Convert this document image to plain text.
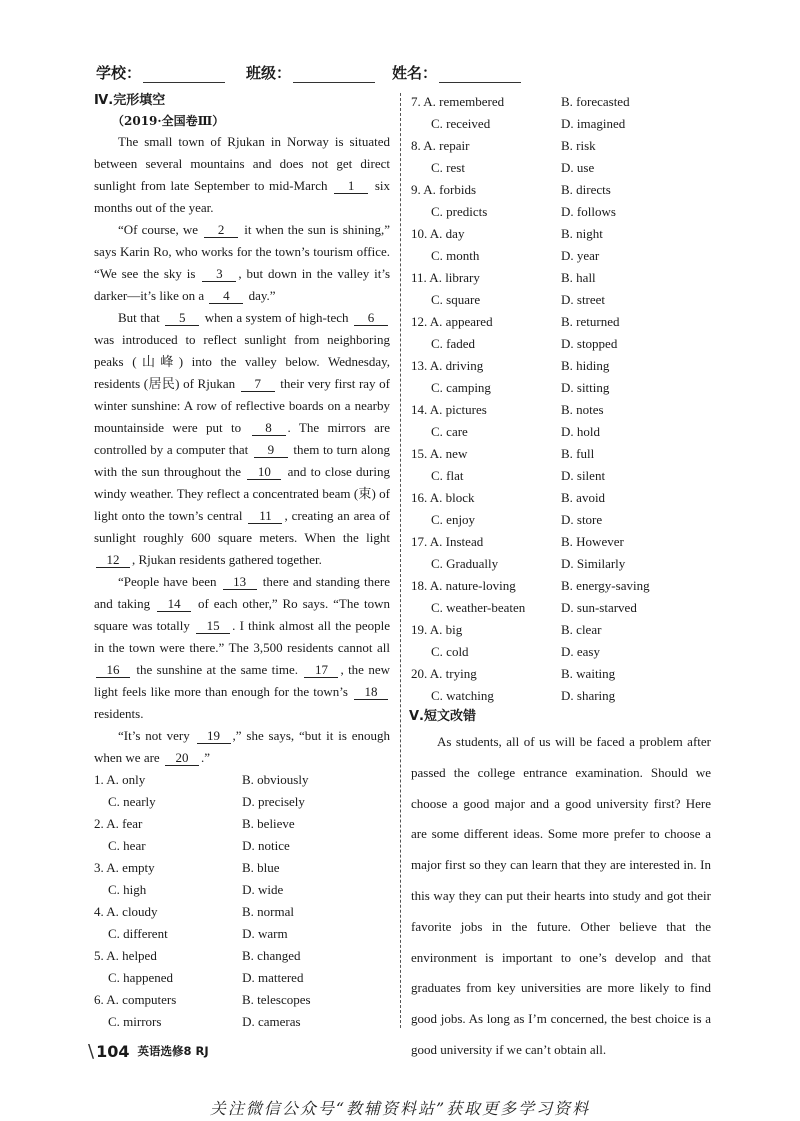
学校：	班级：	姓名：
Ⅳ.完形填空
（2019·全国卷Ⅲ）

The small town of Rjukan in Norway is situated between several mountains and does not get direct sunlight from late September to mid-March 1 six months out of the year.

“Of course, we 2 it when the sun is shining,” says Karin Ro, who works for the town’s tourism office. “We see the sky is 3 , but down in the valley it’s darker—it’s like on a 4 day.”

But that 5 when a system of high-tech 6 was introduced to reflect sunlight from neighboring peaks (山峰) into the valley below. Wednesday, residents (居民) of Rjukan 7 their very first ray of winter sunshine: A row of reflective boards on a nearby mountainside were put to 8 . The mirrors are controlled by a computer that 9 them to turn along with the sun throughout the 10 and to close during windy weather. They reflect a concentrated beam (束) of light onto the town’s central 11 , creating an area of sunlight roughly 600 square meters. When the light 12 , Rjukan residents gathered together.

“People have been 13 there and standing there and taking 14 of each other,” Ro says. “The town square was totally 15 . I think almost all the people in the town were there.” The 3,500 residents cannot all 16 the sunshine at the same time. 17 , the new light feels like more than enough for the town’s 18 residents.

“It’s not very 19 ,” she says, “but it is enough when we are 20 .”

1. A. only	B. obviously
C. nearly	D. precisely
2. A. fear	B. believe
C. hear	D. notice
3. A. empty	B. blue
C. high	D. wide
4. A. cloudy	B. normal
C. different	D. warm
5. A. helped	B. changed
C. happened	D. mattered
6. A. computers	B. telescopes
C. mirrors	D. cameras
7. A. remembered	B. forecasted
C. received	D. imagined
8. A. repair	B. risk
C. rest	D. use
9. A. forbids	B. directs
C. predicts	D. follows
10. A. day	B. night
C. month	D. year
11. A. library	B. hall
C. square	D. street
12. A. appeared	B. returned
C. faded	D. stopped
13. A. driving	B. hiding
C. camping	D. sitting
14. A. pictures	B. notes
C. care	D. hold
15. A. new	B. full
C. flat	D. silent
16. A. block	B. avoid
C. enjoy	D. store
17. A. Instead	B. However
C. Gradually	D. Similarly
18. A. nature-loving	B. energy-saving
C. weather-beaten	D. sun-starved
19. A. big	B. clear
C. cold	D. easy
20. A. trying	B. waiting
C. watching	D. sharing
Ⅴ.短文改错

As students, all of us will be faced a problem after passed the college entrance examination. Should we choose a good major and a good university first? Here are some different ideas. Some more prefer to choose a major first so they can learn that they are interested in. In this way they can put their hearts into study and got their favorite jobs in the future. Other believe that the environment is important to one’s develop and that graduates from key universities are more likely to find good jobs. As long as I’m concerned, the best choice is a good university if we can’t obtain all.

\ 104 英语选修8 RJ
关注微信公众号“教辅资料站”获取更多学习资料
